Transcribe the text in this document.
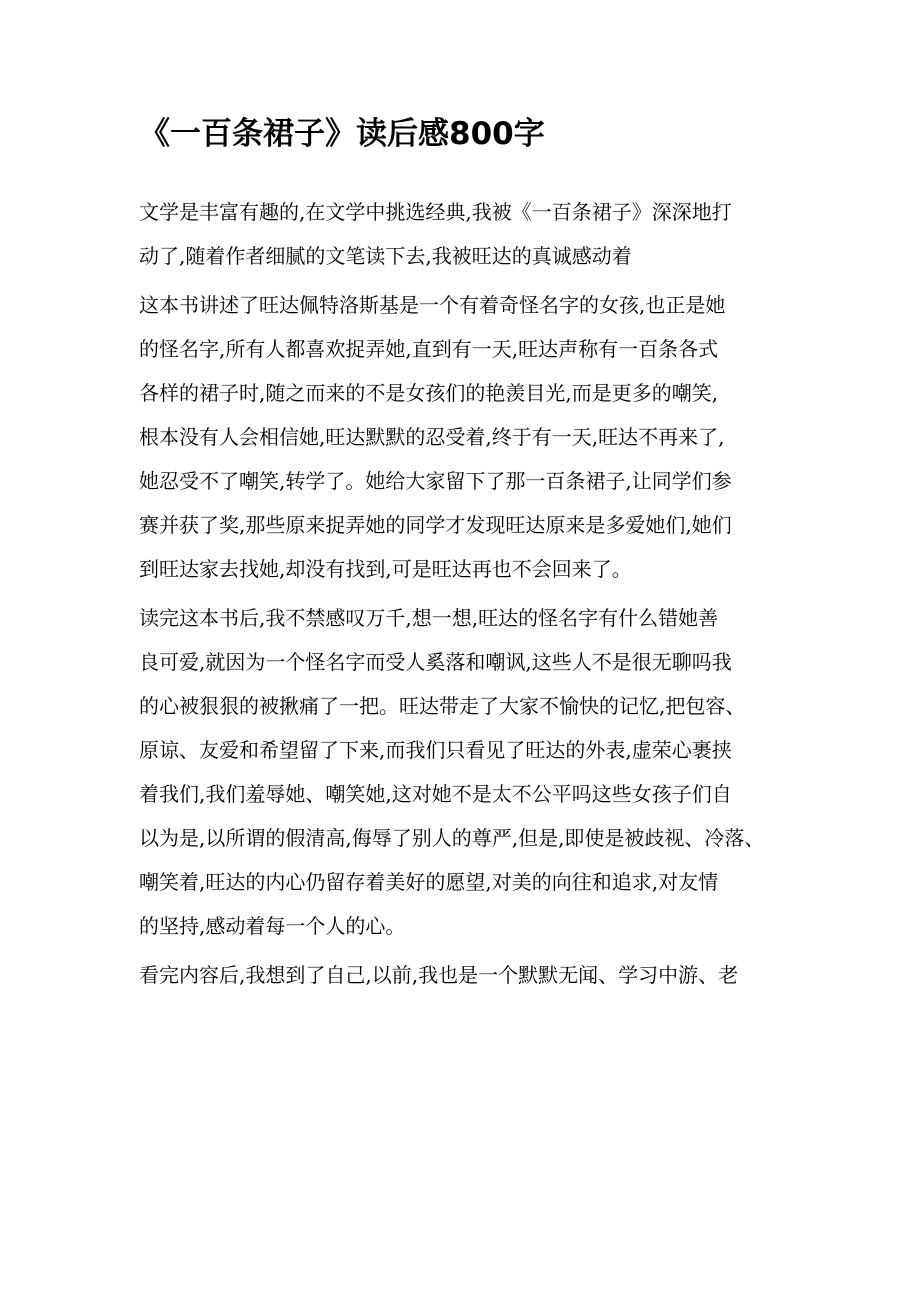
《一百条裙子》读后感800字
文学是丰富有趣的,在文学中挑选经典,我被《一百条裙子》深深地打
动了,随着作者细腻的文笔读下去,我被旺达的真诚感动着
这本书讲述了旺达佩特洛斯基是一个有着奇怪名字的女孩,也正是她
的怪名字,所有人都喜欢捉弄她,直到有一天,旺达声称有一百条各式
各样的裙子时,随之而来的不是女孩们的艳羡目光,而是更多的嘲笑,
根本没有人会相信她,旺达默默的忍受着,终于有一天,旺达不再来了,
她忍受不了嘲笑,转学了。她给大家留下了那一百条裙子,让同学们参
赛并获了奖,那些原来捉弄她的同学才发现旺达原来是多爱她们,她们
到旺达家去找她,却没有找到,可是旺达再也不会回来了。
读完这本书后,我不禁感叹万千,想一想,旺达的怪名字有什么错她善
良可爱,就因为一个怪名字而受人奚落和嘲讽,这些人不是很无聊吗我
的心被狠狠的被揪痛了一把。旺达带走了大家不愉快的记忆,把包容、
原谅、友爱和希望留了下来,而我们只看见了旺达的外表,虚荣心裹挟
着我们,我们羞辱她、嘲笑她,这对她不是太不公平吗这些女孩子们自
以为是,以所谓的假清高,侮辱了别人的尊严,但是,即使是被歧视、冷落、
嘲笑着,旺达的内心仍留存着美好的愿望,对美的向往和追求,对友情
的坚持,感动着每一个人的心。
看完内容后,我想到了自己,以前,我也是一个默默无闻、学习中游、老
